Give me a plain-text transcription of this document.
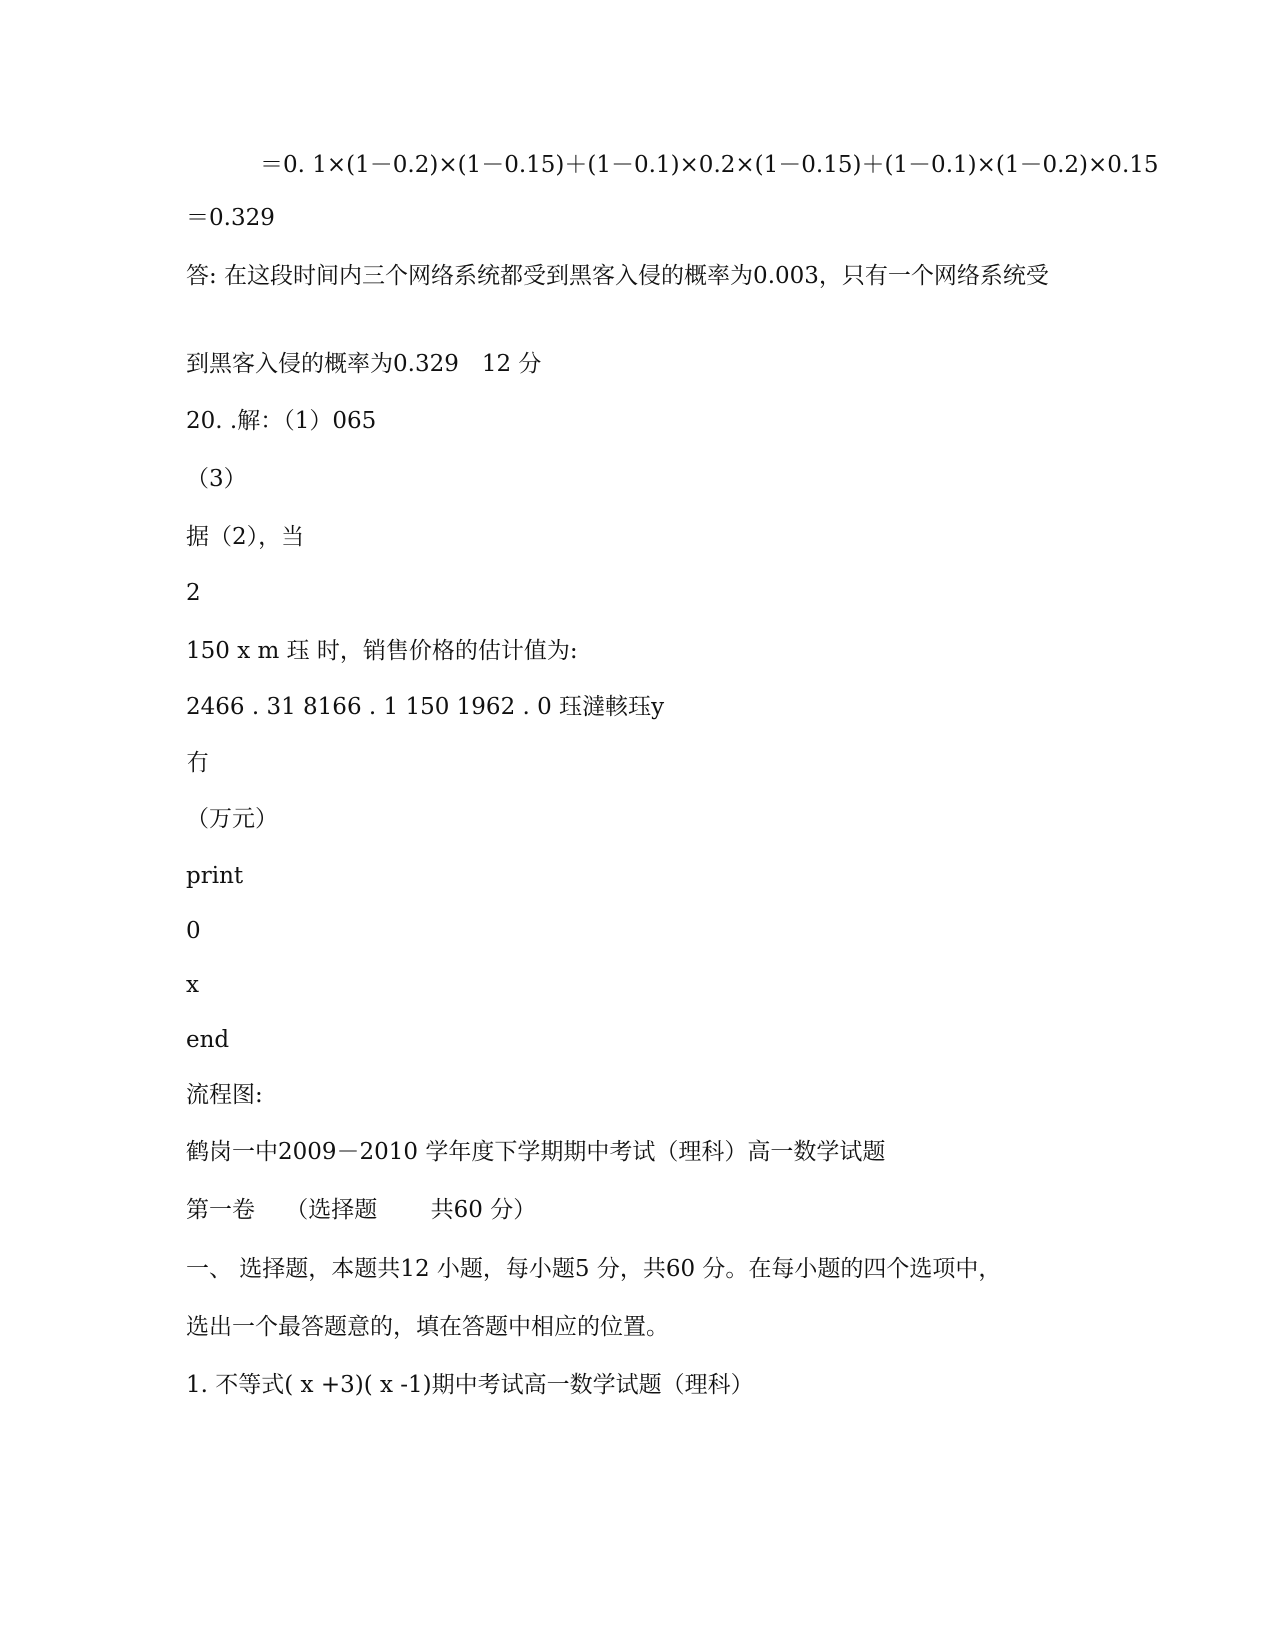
＝0. 1×(1－0.2)×(1－0.15)＋(1－0.1)×0.2×(1－0.15)＋(1－0.1)×(1－0.2)×0.15
＝0.329
答: 在这段时间内三个网络系统都受到黑客入侵的概率为0.003，只有一个网络系统受
到黑客入侵的概率为0.329　12 分
20. .解：（1）065
（3）
据（2），当
2
150 x m 珏 时，销售价格的估计值为:
2466 . 31 8166 . 1 150 1962 . 0 珏澾輆珏y
冇
（万元）
print
0
x
end
流程图:
鹤岗一中2009－2010 学年度下学期期中考试（理科）高一数学试题
第一卷　 （选择题　　 共60 分）
一、 选择题，本题共12 小题，每小题5 分，共60 分。在每小题的四个选项中，
选出一个最答题意的，填在答题中相应的位置。
1. 不等式( x +3)( x -1)期中考试高一数学试题（理科）
